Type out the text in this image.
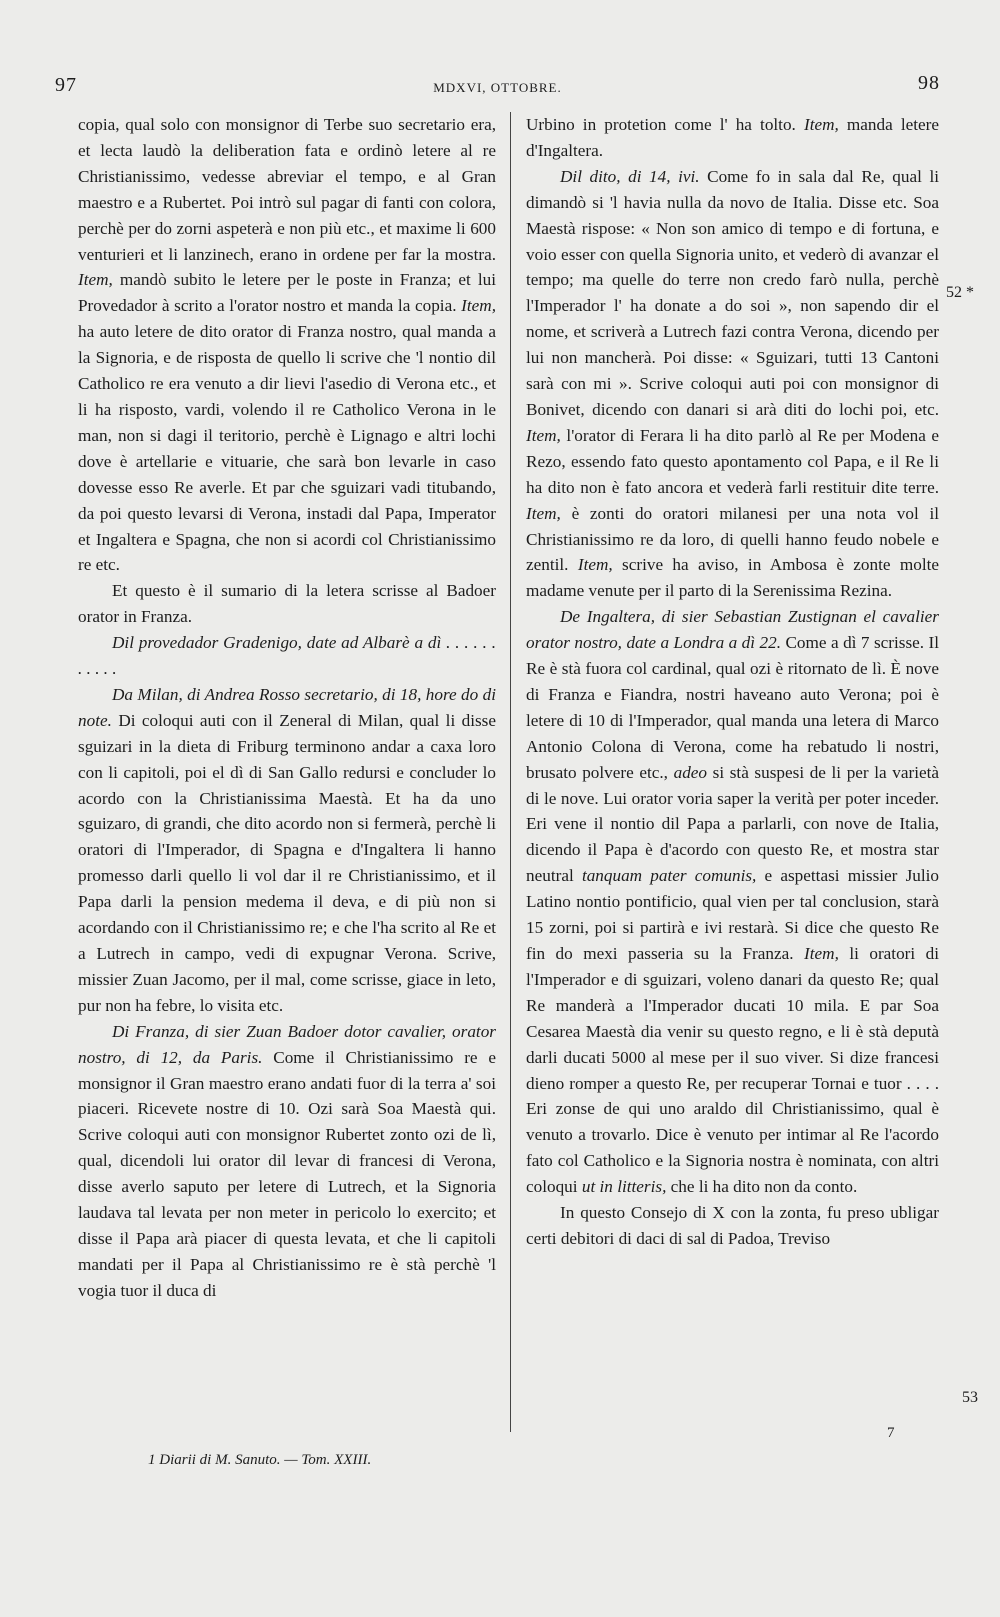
97	MDXVI, OTTOBRE.	98

copia, qual solo con monsignor di Terbe suo secretario era, et lecta laudò la deliberation fata e ordinò letere al re Christianissimo, vedesse abreviar el tempo, e al Gran maestro e a Rubertet. Poi intrò sul pagar di fanti con colora, perchè per do zorni aspeterà e non più etc., et maxime li 600 venturieri et li lanzinech, erano in ordene per far la mostra. Item, mandò subito le letere per le poste in Franza; et lui Provedador à scrito a l'orator nostro et manda la copia. Item, ha auto letere de dito orator di Franza nostro, qual manda a la Signoria, e de risposta de quello li scrive che 'l nontio dil Catholico re era venuto a dir lievi l'asedio di Verona etc., et li ha risposto, vardi, volendo il re Catholico Verona in le man, non si dagi il teritorio, perchè è Lignago e altri lochi dove è artellarie e vituarie, che sarà bon levarle in caso dovesse esso Re averle. Et par che sguizari vadi titubando, da poi questo levarsi di Verona, instadi dal Papa, Imperator et Ingaltera e Spagna, che non si acordi col Christianissimo re etc.

Et questo è il sumario di la letera scrisse al Badoer orator in Franza.

Dil provedador Gradenigo, date ad Albarè a dì . . . . . . . . . . .

Da Milan, di Andrea Rosso secretario, di 18, hore do di note. Di coloqui auti con il Zeneral di Milan, qual li disse sguizari in la dieta di Friburg terminono andar a caxa loro con li capitoli, poi el dì di San Gallo redursi e concluder lo acordo con la Christianissima Maestà. Et ha da uno sguizaro, di grandi, che dito acordo non si fermerà, perchè li oratori di l'Imperador, di Spagna e d'Ingaltera li hanno promesso darli quello li vol dar il re Christianissimo, et il Papa darli la pension medema il deva, e di più non si acordando con il Christianissimo re; e che l'ha scrito al Re et a Lutrech in campo, vedi di expugnar Verona. Scrive, missier Zuan Jacomo, per il mal, come scrisse, giace in leto, pur non ha febre, lo visita etc.

Di Franza, di sier Zuan Badoer dotor cavalier, orator nostro, di 12, da Paris. Come il Christianissimo re e monsignor il Gran maestro erano andati fuor di la terra a' soi piaceri. Ricevete nostre di 10. Ozi sarà Soa Maestà qui. Scrive coloqui auti con monsignor Rubertet zonto ozi de lì, qual, dicendoli lui orator dil levar di francesi di Verona, disse averlo saputo per letere di Lutrech, et la Signoria laudava tal levata per non meter in pericolo lo exercito; et disse il Papa arà piacer di questa levata, et che li capitoli mandati per il Papa al Christianissimo re è stà perchè 'l vogia tuor il duca di

Urbino in protetion come l' ha tolto. Item, manda letere d'Ingaltera.

Dil dito, di 14, ivi. Come fo in sala dal Re, qual li dimandò si 'l havia nulla da novo de Italia. Disse etc. Soa Maestà rispose: « Non son amico di tempo e di fortuna, e voio esser con quella Signoria unito, et vederò di avanzar el tempo; ma quelle do terre non credo farò nulla, perchè l'Imperador l' ha donate a do soi », non sapendo dir el nome, et scriverà a Lutrech fazi contra Verona, dicendo per lui non mancherà. Poi disse: « Sguizari, tutti 13 Cantoni sarà con mi ». Scrive coloqui auti poi con monsignor di Bonivet, dicendo con danari si arà diti do lochi poi, etc. Item, l'orator di Ferara li ha dito parlò al Re per Modena e Rezo, essendo fato questo apontamento col Papa, e il Re li ha dito non è fato ancora et vederà farli restituir dite terre. Item, è zonti do oratori milanesi per una nota vol il Christianissimo re da loro, di quelli hanno feudo nobele e zentil. Item, scrive ha aviso, in Ambosa è zonte molte madame venute per il parto di la Serenissima Rezina.

De Ingaltera, di sier Sebastian Zustignan el cavalier orator nostro, date a Londra a dì 22. Come a dì 7 scrisse. Il Re è stà fuora col cardinal, qual ozi è ritornato de lì. È nove di Franza e Fiandra, nostri haveano auto Verona; poi è letere di 10 di l'Imperador, qual manda una letera di Marco Antonio Colona di Verona, come ha rebatudo li nostri, brusato polvere etc., adeo si stà suspesi de li per la varietà di le nove. Lui orator voria saper la verità per poter inceder. Eri vene il nontio dil Papa a parlarli, con nove de Italia, dicendo il Papa è d'acordo con questo Re, et mostra star neutral tanquam pater comunis, e aspettasi missier Julio Latino nontio pontificio, qual vien per tal conclusion, starà 15 zorni, poi si partirà e ivi restarà. Si dice che questo Re fin do mexi passeria su la Franza. Item, li oratori di l'Imperador e di sguizari, voleno danari da questo Re; qual Re manderà a l'Imperador ducati 10 mila. E par Soa Cesarea Maestà dia venir su questo regno, e li è stà deputà darli ducati 5000 al mese per il suo viver. Si dize francesi dieno romper a questo Re, per recuperar Tornai e tuor . . . . Eri zonse de qui uno araldo dil Christianissimo, qual è venuto a trovarlo. Dice è venuto per intimar al Re l'acordo fato col Catholico e la Signoria nostra è nominata, con altri coloqui ut in litteris, che li ha dito non da conto.

In questo Consejo di X con la zonta, fu preso ubligar certi debitori di daci di sal di Padoa, Treviso

52 *
53
1 Diarii di M. Sanuto. — Tom. XXIII.
7
